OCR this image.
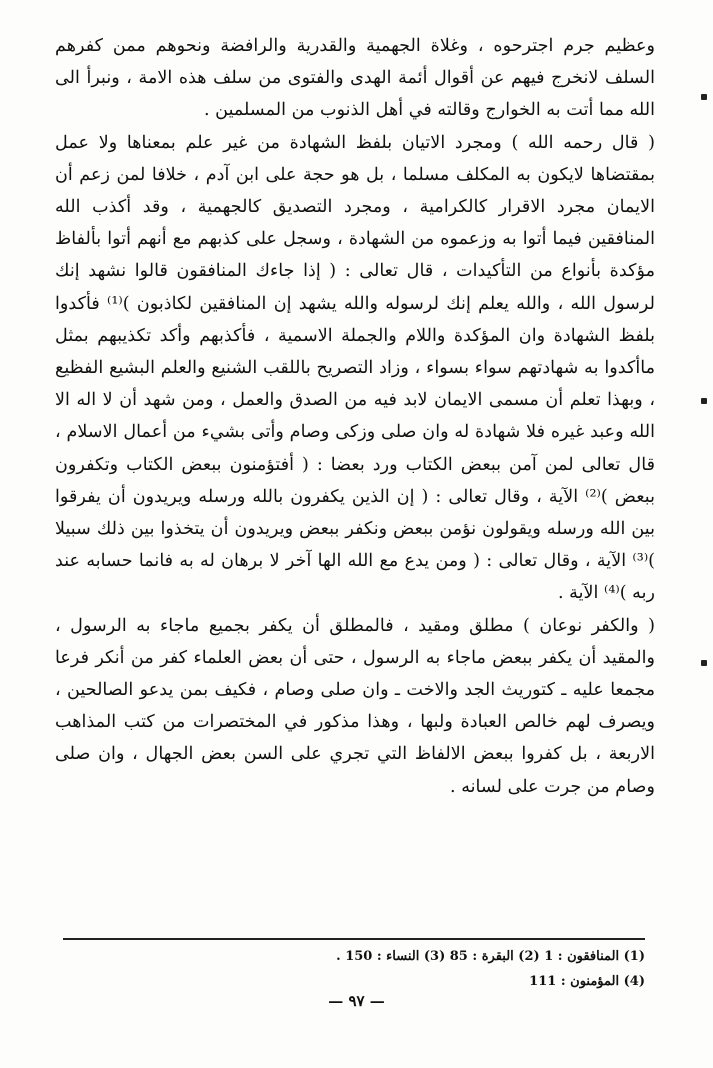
وعظيم جرم اجترحوه ، وغلاة الجهمية والقدرية والرافضة ونحوهم ممن كفرهم السلف لانخرج فيهم عن أقوال أئمة الهدى والفتوى من سلف هذه الامة ، ونبرأ الى الله مما أتت به الخوارج وقالته في أهل الذنوب من المسلمين .

( قال رحمه الله ) ومجرد الاتيان بلفظ الشهادة من غير علم بمعناها ولا عمل بمقتضاها لايكون به المكلف مسلما ، بل هو حجة على ابن آدم ، خلافا لمن زعم أن الايمان مجرد الاقرار كالكرامية ، ومجرد التصديق كالجهمية ، وقد أكذب الله المنافقين فيما أتوا به وزعموه من الشهادة ، وسجل على كذبهم مع أنهم أتوا بألفاظ مؤكدة بأنواع من التأكيدات ، قال تعالى : ( إذا جاءك المنافقون قالوا نشهد إنك لرسول الله ، والله يعلم إنك لرسوله والله يشهد إن المنافقين لكاذبون )⁽¹⁾ فأكدوا بلفظ الشهادة وان المؤكدة واللام والجملة الاسمية ، فأكذبهم وأكد تكذيبهم بمثل ماأكدوا به شهادتهم سواء بسواء ، وزاد التصريح باللقب الشنيع والعلم البشيع الفظيع ، وبهذا تعلم أن مسمى الايمان لابد فيه من الصدق والعمل ، ومن شهد أن لا اله الا الله وعبد غيره فلا شهادة له وان صلى وزكى وصام وأتى بشيء من أعمال الاسلام ، قال تعالى لمن آمن ببعض الكتاب ورد بعضا : ( أفتؤمنون ببعض الكتاب وتكفرون ببعض )⁽²⁾ الآية ، وقال تعالى : ( إن الذين يكفرون بالله ورسله ويريدون أن يفرقوا بين الله ورسله ويقولون نؤمن ببعض ونكفر ببعض ويريدون أن يتخذوا بين ذلك سبيلا )⁽³⁾ الآية ، وقال تعالى : ( ومن يدع مع الله الها آخر لا برهان له به فانما حسابه عند ربه )⁽⁴⁾ الآية .

( والكفر نوعان ) مطلق ومقيد ، فالمطلق أن يكفر بجميع ماجاء به الرسول ، والمقيد أن يكفر ببعض ماجاء به الرسول ، حتى أن بعض العلماء كفر من أنكر فرعا مجمعا عليه ـ كتوريث الجد والاخت ـ وان صلى وصام ، فكيف بمن يدعو الصالحين ، ويصرف لهم خالص العبادة ولبها ، وهذا مذكور في المختصرات من كتب المذاهب الاربعة ، بل كفروا ببعض الالفاظ التي تجري على السن بعض الجهال ، وان صلى وصام من جرت على لسانه .

(1) المنافقون : 1 (2) البقرة : 85 (3) النساء : 150 .
(4) المؤمنون : 111
— ٩٧ —
